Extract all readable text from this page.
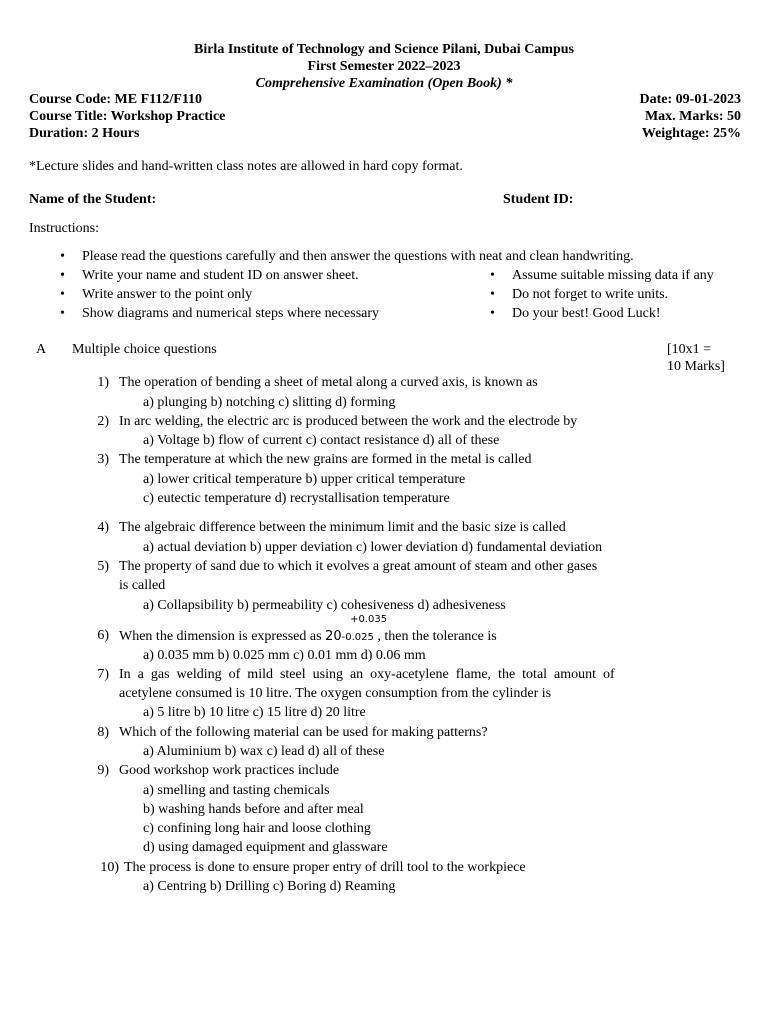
Birla Institute of Technology and Science Pilani, Dubai Campus
First Semester 2022–2023
Comprehensive Examination (Open Book) *
Course Code: ME F112/F110	Date: 09-01-2023
Course Title: Workshop Practice	Max. Marks: 50
Duration: 2 Hours	Weightage: 25%
*Lecture slides and hand-written class notes are allowed in hard copy format.
Name of the Student:	Student ID:
Instructions:
• Please read the questions carefully and then answer the questions with neat and clean handwriting.
• Write your name and student ID on answer sheet.
• Write answer to the point only
• Show diagrams and numerical steps where necessary
• Assume suitable missing data if any
• Do not forget to write units.
• Do your best! Good Luck!
A Multiple choice questions	[10x1 =
10 Marks]
1) The operation of bending a sheet of metal along a curved axis, is known as
a) plunging b) notching c) slitting d) forming
2) In arc welding, the electric arc is produced between the work and the electrode by
a) Voltage b) flow of current c) contact resistance d) all of these
3) The temperature at which the new grains are formed in the metal is called
a) lower critical temperature b) upper critical temperature
c) eutectic temperature d) recrystallisation temperature
4) The algebraic difference between the minimum limit and the basic size is called
a) actual deviation b) upper deviation c) lower deviation d) fundamental deviation
5) The property of sand due to which it evolves a great amount of steam and other gases
is called
a) Collapsibility b) permeability c) cohesiveness d) adhesiveness
6) When the dimension is expressed as 20-0.025
+0.035
, then the tolerance is
a) 0.035 mm b) 0.025 mm c) 0.01 mm d) 0.06 mm
7) In  a  gas  welding  of  mild  steel  using  an  oxy-acetylene  flame,  the  total  amount  of
acetylene consumed is 10 litre. The oxygen consumption from the cylinder is
a) 5 litre b) 10 litre c) 15 litre d) 20 litre
8) Which of the following material can be used for making patterns?
a) Aluminium b) wax c) lead d) all of these
9) Good workshop work practices include
a) smelling and tasting chemicals
b) washing hands before and after meal
c) confining long hair and loose clothing
d) using damaged equipment and glassware
10) The process is done to ensure proper entry of drill tool to the workpiece
a) Centring b) Drilling c) Boring d) Reaming
